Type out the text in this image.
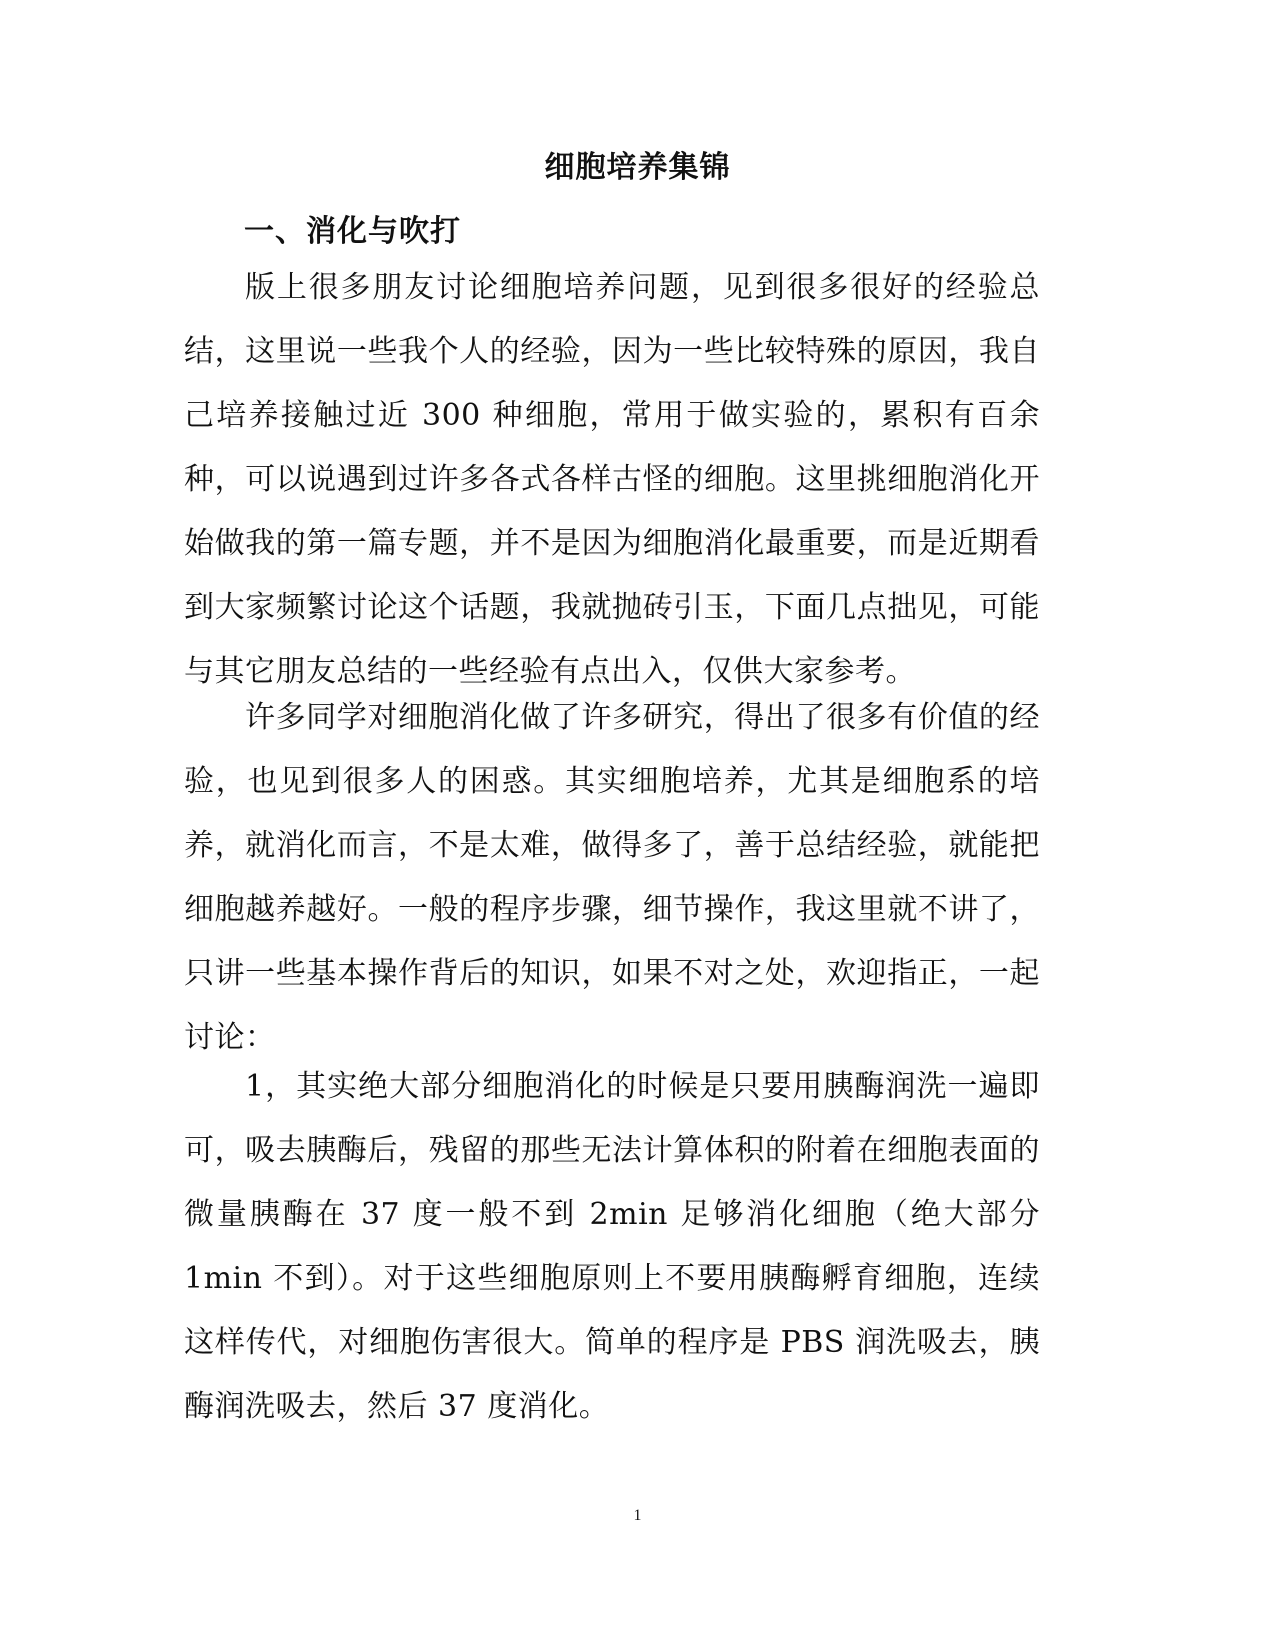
细胞培养集锦
一、消化与吹打

版上很多朋友讨论细胞培养问题，见到很多很好的经验总结，这里说一些我个人的经验，因为一些比较特殊的原因，我自己培养接触过近 300 种细胞，常用于做实验的，累积有百余种，可以说遇到过许多各式各样古怪的细胞。这里挑细胞消化开始做我的第一篇专题，并不是因为细胞消化最重要，而是近期看到大家频繁讨论这个话题，我就抛砖引玉，下面几点拙见，可能与其它朋友总结的一些经验有点出入，仅供大家参考。

许多同学对细胞消化做了许多研究，得出了很多有价值的经验，也见到很多人的困惑。其实细胞培养，尤其是细胞系的培养，就消化而言，不是太难，做得多了，善于总结经验，就能把细胞越养越好。一般的程序步骤，细节操作，我这里就不讲了，只讲一些基本操作背后的知识，如果不对之处，欢迎指正，一起讨论：

1，其实绝大部分细胞消化的时候是只要用胰酶润洗一遍即可，吸去胰酶后，残留的那些无法计算体积的附着在细胞表面的微量胰酶在 37 度一般不到 2min 足够消化细胞（绝大部分 1min 不到）。对于这些细胞原则上不要用胰酶孵育细胞，连续这样传代，对细胞伤害很大。简单的程序是 PBS 润洗吸去，胰酶润洗吸去，然后 37 度消化。

1
